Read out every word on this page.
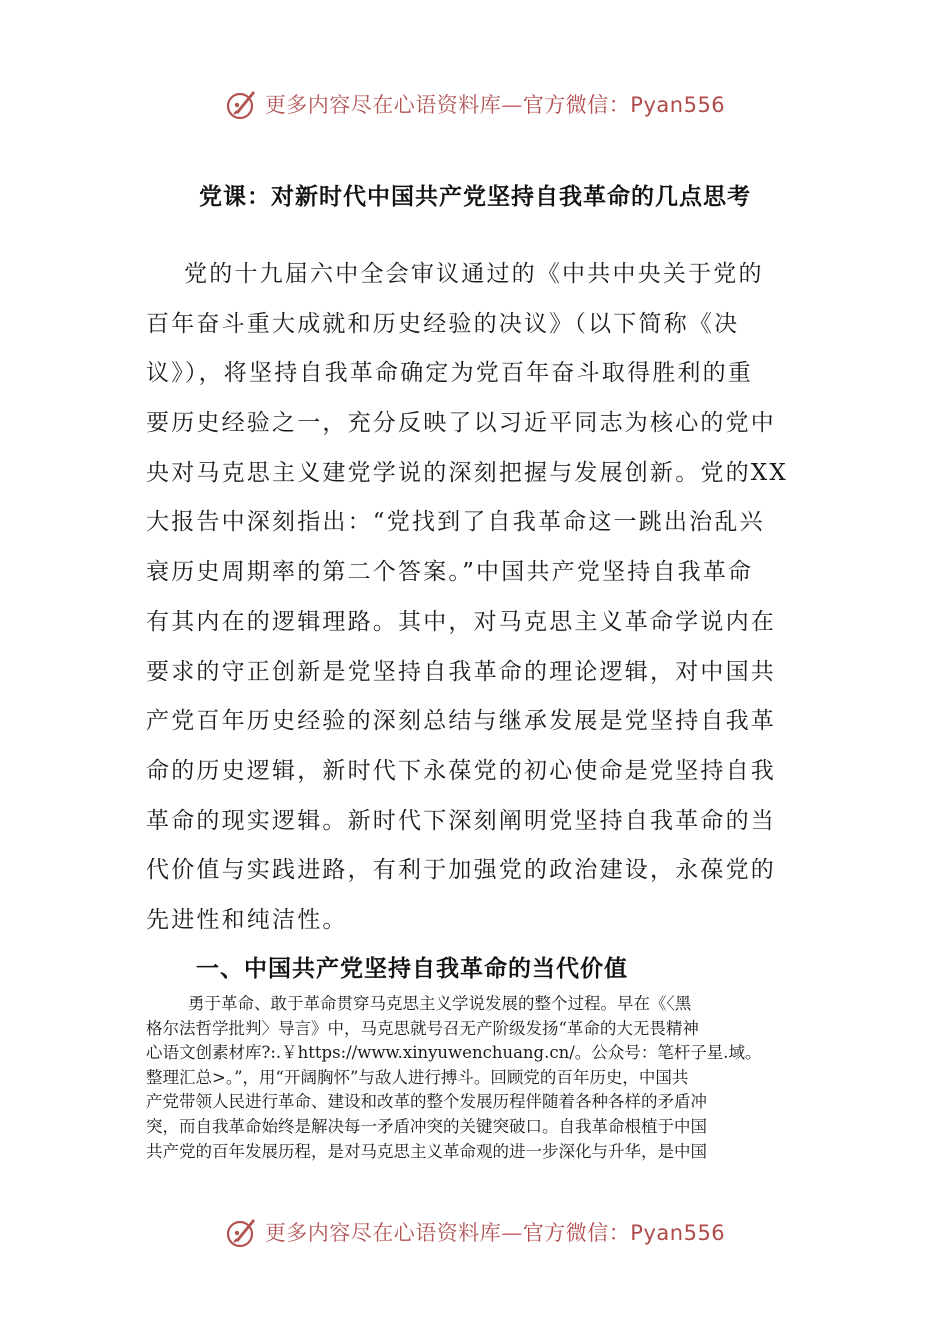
更多内容尽在心语资料库—官方微信：Pyan556
党课：对新时代中国共产党坚持自我革命的几点思考
党的十九届六中全会审议通过的《中共中央关于党的
百年奋斗重大成就和历史经验的决议》（以下简称《决
议》），将坚持自我革命确定为党百年奋斗取得胜利的重
要历史经验之一，充分反映了以习近平同志为核心的党中
央对马克思主义建党学说的深刻把握与发展创新。党的XX
大报告中深刻指出：“党找到了自我革命这一跳出治乱兴
衰历史周期率的第二个答案。”中国共产党坚持自我革命
有其内在的逻辑理路。其中，对马克思主义革命学说内在
要求的守正创新是党坚持自我革命的理论逻辑，对中国共
产党百年历史经验的深刻总结与继承发展是党坚持自我革
命的历史逻辑，新时代下永葆党的初心使命是党坚持自我
革命的现实逻辑。新时代下深刻阐明党坚持自我革命的当
代价值与实践进路，有利于加强党的政治建设，永葆党的
先进性和纯洁性。
一、中国共产党坚持自我革命的当代价值
勇于革命、敢于革命贯穿马克思主义学说发展的整个过程。早在《〈黑
格尔法哲学批判〉导言》中，马克思就号召无产阶级发扬“革命的大无畏精神
心语文创素材库?:.￥https://www.xinyuwenchuang.cn/。公众号：笔杆子星.域。
整理汇总>。”，用“开阔胸怀”与敌人进行搏斗。回顾党的百年历史，中国共
产党带领人民进行革命、建设和改革的整个发展历程伴随着各种各样的矛盾冲
突，而自我革命始终是解决每一矛盾冲突的关键突破口。自我革命根植于中国
共产党的百年发展历程，是对马克思主义革命观的进一步深化与升华，是中国
更多内容尽在心语资料库—官方微信：Pyan556
